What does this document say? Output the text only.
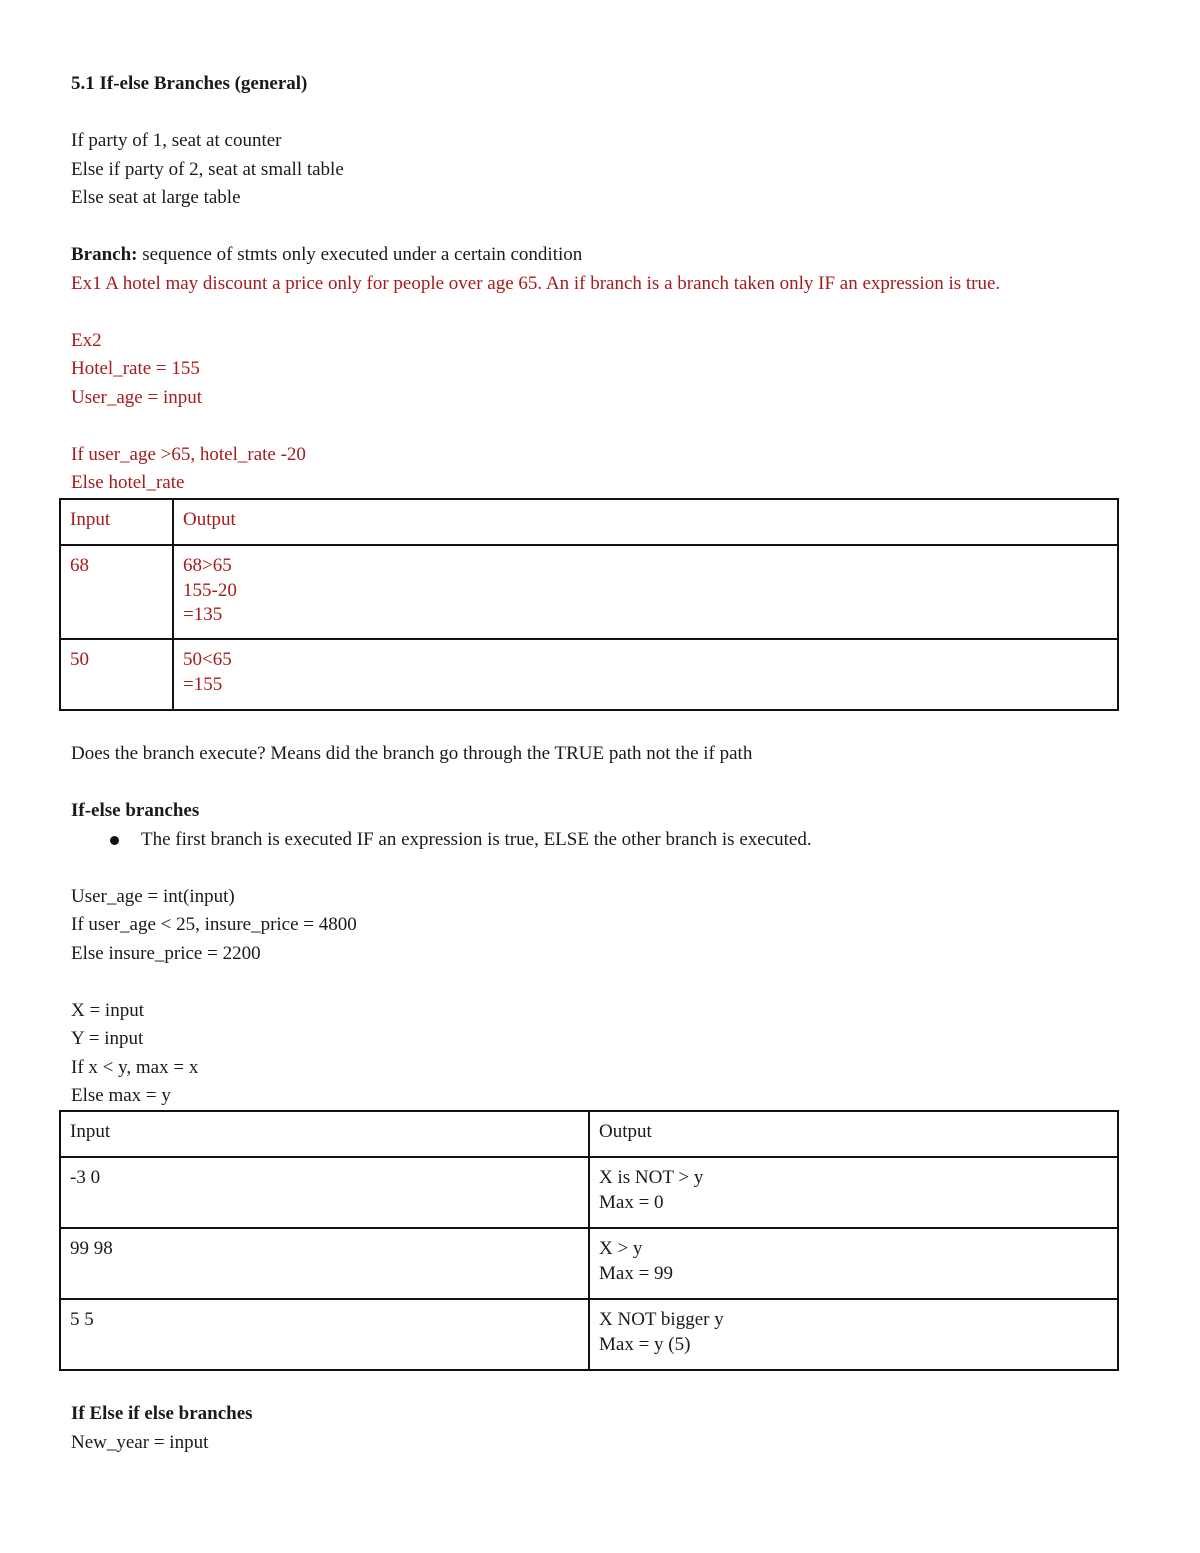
5.1 If-else Branches (general)
If party of 1, seat at counter
Else if party of 2, seat at small table
Else seat at large table
Branch: sequence of stmts only executed under a certain condition
Ex1 A hotel may discount a price only for people over age 65. An if branch is a branch taken only IF an expression is true.
Ex2
Hotel_rate = 155
User_age = input
If user_age >65, hotel_rate -20
Else hotel_rate
Input	Output
68	68>65
155-20
=135

50	50<65
=155
Does the branch execute? Means did the branch go through the TRUE path not the if path
If-else branches
The first branch is executed IF an expression is true, ELSE the other branch is executed.
User_age = int(input)
If user_age < 25, insure_price = 4800
Else insure_price = 2200
X = input
Y = input
If x < y, max = x
Else max = y
Input	Output
-3 0	X is NOT > y
Max = 0

99 98	X > y
Max = 99

5 5	X NOT bigger y
Max = y (5)
If Else if else branches
New_year = input
